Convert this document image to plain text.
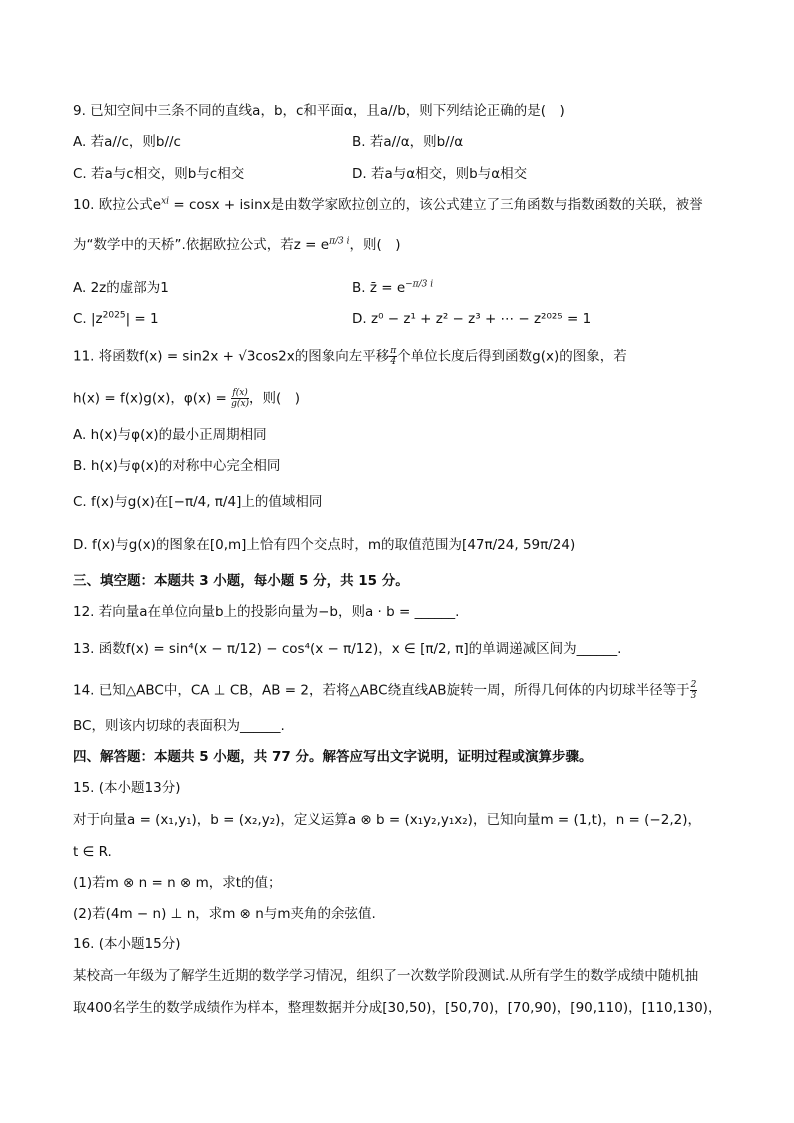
9. 已知空间中三条不同的直线a，b，c和平面α，且a//b，则下列结论正确的是(　)
A. 若a//c，则b//c	B. 若a//α，则b//α
C. 若a与c相交，则b与c相交	D. 若a与α相交，则b与α相交
10. 欧拉公式$e^{xi} = \cos x + isinx$是由数学家欧拉创立的，该公式建立了三角函数与指数函数的关联，被誉
为“数学中的天桥”.依据欧拉公式，若$z = e^{\pi/3 i}$，则(　)
A. 2z的虚部为1	B. z̄ = $e^{-\pi/3 i}$
C. $|z^{2025}| = 1$	D. z⁰ − z¹ + z² − z³ + ⋯ − z²⁰²⁵ = 1
11. 将函数f(x) = sin2x + √3cos2x的图象向左平移 $\frac{\pi}{4}$ 个单位长度后得到函数g(x)的图象，若
h(x) = f(x)g(x)，$\varphi(x) = \frac{f(x)}{g(x)}$ ，则(　)
A. h(x)与φ(x)的最小正周期相同
B. h(x)与φ(x)的对称中心完全相同
C. f(x)与g(x)在[−π/4, π/4]上的值域相同
D. f(x)与g(x)的图象在[0,m]上恰有四个交点时，m的取值范围为[47π/24, 59π/24)
三、填空题：本题共 3 小题，每小题 5 分，共 15 分。
12. 若向量a在单位向量b上的投影向量为−b，则a · b = ______.
13. 函数f(x) = sin⁴(x − π/12) − cos⁴(x − π/12)，x ∈ [π/2, π]的单调递减区间为______.
14. 已知△ABC中，CA ⊥ CB，AB = 2，若将△ABC绕直线AB旋转一周，所得几何体的内切球半径等于 $\frac{2}{3}$
BC，则该内切球的表面积为______.
四、解答题：本题共 5 小题，共 77 分。解答应写出文字说明，证明过程或演算步骤。
15. (本小题13分)
对于向量a = (x₁,y₁)，b = (x₂,y₂)，定义运算a ⊗ b = (x₁y₂,y₁x₂)，已知向量m = (1,t)，n = (−2,2)，
t ∈ R.
(1)若m ⊗ n = n ⊗ m，求t的值；
(2)若(4m − n) ⊥ n，求m ⊗ n与m夹角的余弦值.
16. (本小题15分)
某校高一年级为了解学生近期的数学学习情况，组织了一次数学阶段测试.从所有学生的数学成绩中随机抽
取400名学生的数学成绩作为样本，整理数据并分成[30,50)，[50,70)，[70,90)，[90,110)，[110,130)，
